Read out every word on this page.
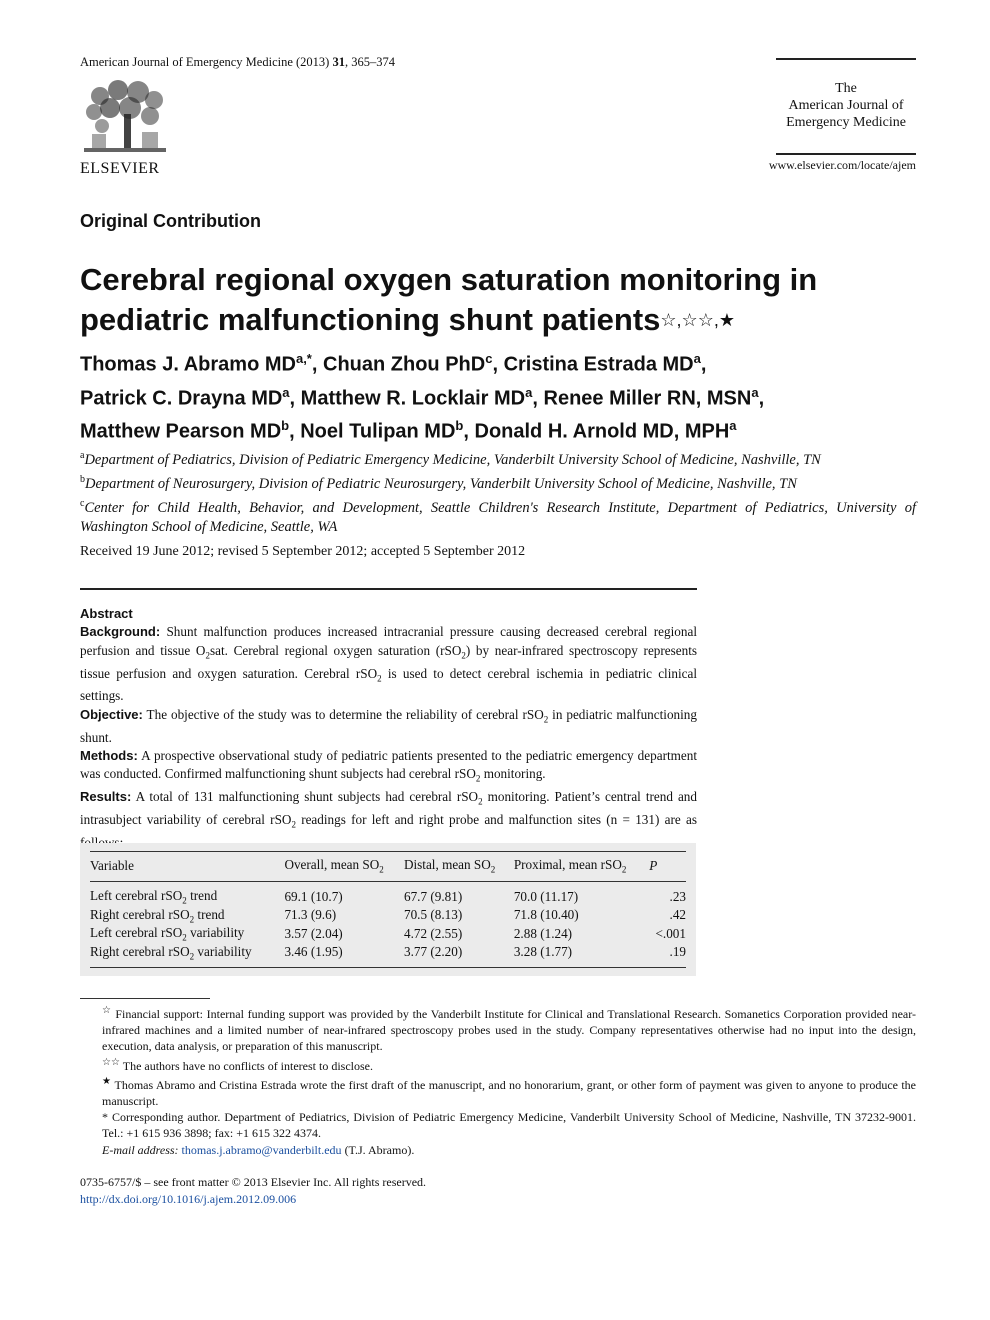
American Journal of Emergency Medicine (2013) 31, 365–374
ELSEVIER
The
American Journal of
Emergency Medicine
www.elsevier.com/locate/ajem
Original Contribution
Cerebral regional oxygen saturation monitoring in pediatric malfunctioning shunt patients☆,☆☆,★
Thomas J. Abramo $MD^{a,*}$, Chuan Zhou PhD$^c$, Cristina Estrada $MD^a$,
Patrick C. Drayna $MD^a$, Matthew R. Locklair $MD^a$, Renee Miller RN, MSN$^a$,
Matthew Pearson $MD^b$, Noel Tulipan $MD^b$, Donald H. Arnold MD, MPH$^a$
$^a$Department of Pediatrics, Division of Pediatric Emergency Medicine, Vanderbilt University School of Medicine, Nashville, TN
$^b$Department of Neurosurgery, Division of Pediatric Neurosurgery, Vanderbilt University School of Medicine, Nashville, TN
$^c$Center for Child Health, Behavior, and Development, Seattle Children's Research Institute, Department of Pediatrics, University of Washington School of Medicine, Seattle, WA
Received 19 June 2012; revised 5 September 2012; accepted 5 September 2012

Abstract

Background: Shunt malfunction produces increased intracranial pressure causing decreased cerebral regional perfusion and tissue $O_2sat$. Cerebral regional oxygen saturation (rSO$_2$) by near-infrared spectroscopy represents tissue perfusion and oxygen saturation. Cerebral rSO$_2$ is used to detect cerebral ischemia in pediatric clinical settings.

Objective: The objective of the study was to determine the reliability of cerebral rSO$_2$ in pediatric malfunctioning shunt.

Methods: A prospective observational study of pediatric patients presented to the pediatric emergency department was conducted. Confirmed malfunctioning shunt subjects had cerebral rSO$_2$ monitoring.

Results: A total of 131 malfunctioning shunt subjects had cerebral rSO$_2$ monitoring. Patient’s central trend and intrasubject variability of cerebral rSO$_2$ readings for left and right probe and malfunction sites (n = 131) are as

Variable	Overall, mean $SO_2$	Distal, mean $SO_2$	Proximal, mean rSO$_2$	P
Left cerebral rSO$_2$ trend	69.1 (10.7)	67.7 (9.81)	70.0 (11.17)	.23
Right cerebral rSO$_2$ trend	71.3 (9.6)	70.5 (8.13)	71.8 (10.40)	.42
Left cerebral rSO$_2$ variability	3.57 (2.04)	4.72 (2.55)	2.88 (1.24)	<.001
Right cerebral rSO$_2$ variability	3.46 (1.95)	3.77 (2.20)	3.28 (1.77)	.19

☆ Financial support: Internal funding support was provided by the Vanderbilt Institute for Clinical and Translational Research. Somanetics Corporation provided near-infrared machines and a limited number of near-infrared spectroscopy probes used in the study. Company representatives otherwise had no input into the design, execution, data analysis, or preparation of this manuscript.

☆☆ The authors have no conflicts of interest to disclose.

★ Thomas Abramo and Cristina Estrada wrote the first draft of the manuscript, and no honorarium, grant, or other form of payment was given to anyone to produce the manuscript.

* Corresponding author. Department of Pediatrics, Division of Pediatric Emergency Medicine, Vanderbilt University School of Medicine, Nashville, TN 37232-9001. Tel.: +1 615 936 3898; fax: +1 615 322 4374.

E-mail address: thomas.j.abramo@vanderbilt.edu (T.J. Abramo).

0735-6757/$ – see front matter © 2013 Elsevier Inc. All rights reserved.
http://dx.doi.org/10.1016/j.ajem.2012.09.006
